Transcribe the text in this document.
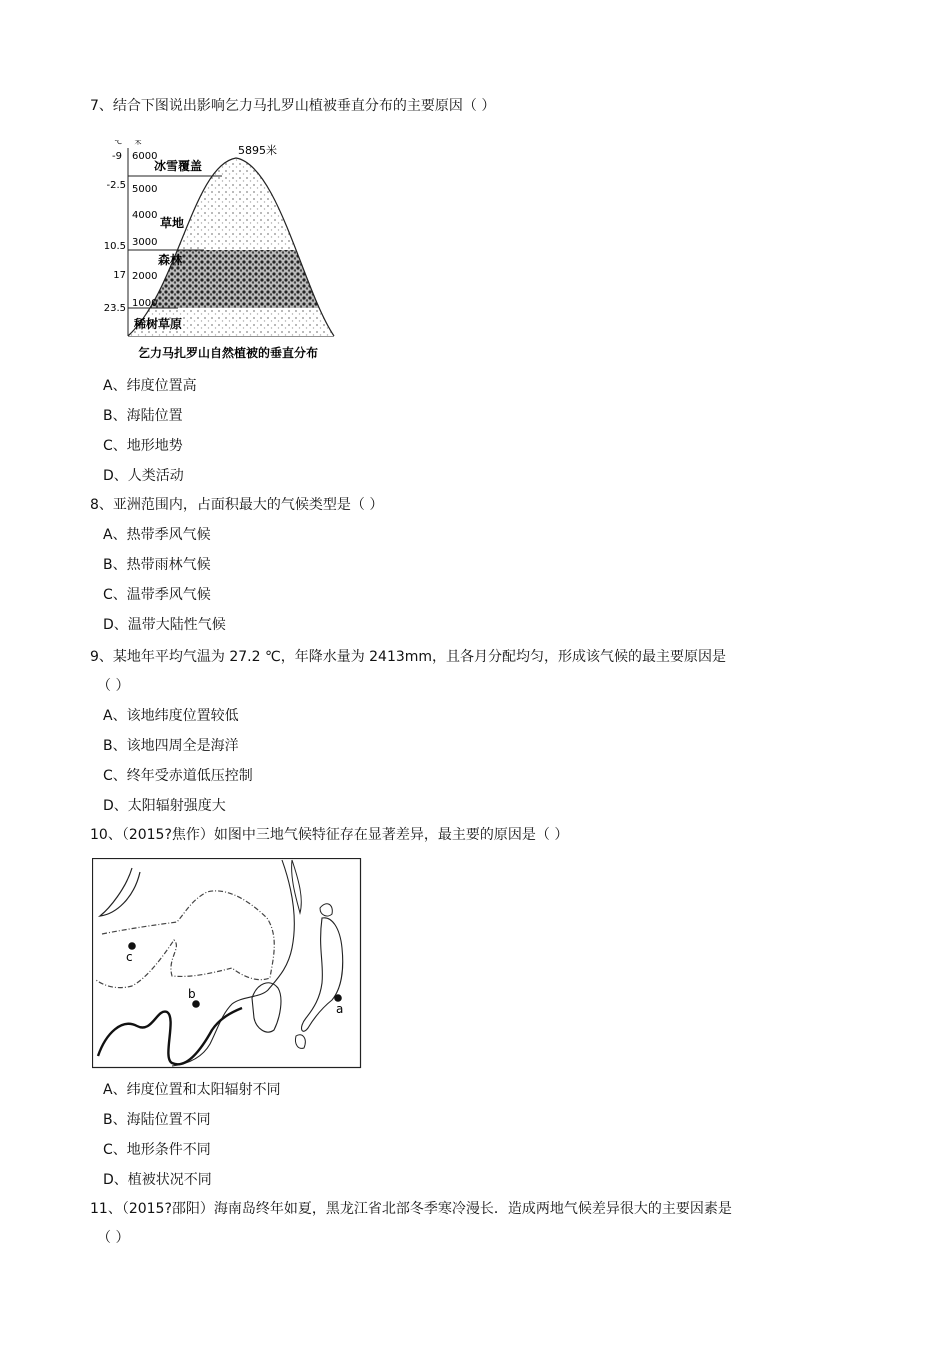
7、结合下图说出影响乞力马扎罗山植被垂直分布的主要原因（ ）
℃ 米
-9
-2.5
10.5
17
23.5
6000
5000
4000
3000
2000
1000
冰雪覆盖
草地
森林
稀树草原
5895米
乞力马扎罗山自然植被的垂直分布
A、纬度位置高
B、海陆位置
C、地形地势
D、人类活动
8、亚洲范围内，占面积最大的气候类型是（ ）
A、热带季风气候
B、热带雨林气候
C、温带季风气候
D、温带大陆性气候
9、某地年平均气温为 27.2 ℃，年降水量为 2413mm，且各月分配均匀，形成该气候的最主要原因是
（ ）
A、该地纬度位置较低
B、该地四周全是海洋
C、终年受赤道低压控制
D、太阳辐射强度大
10、（2015?焦作）如图中三地气候特征存在显著差异，最主要的原因是（ ）
c
b
a
A、纬度位置和太阳辐射不同
B、海陆位置不同
C、地形条件不同
D、植被状况不同
11、（2015?邵阳）海南岛终年如夏，黑龙江省北部冬季寒冷漫长．造成两地气候差异很大的主要因素是
（ ）
